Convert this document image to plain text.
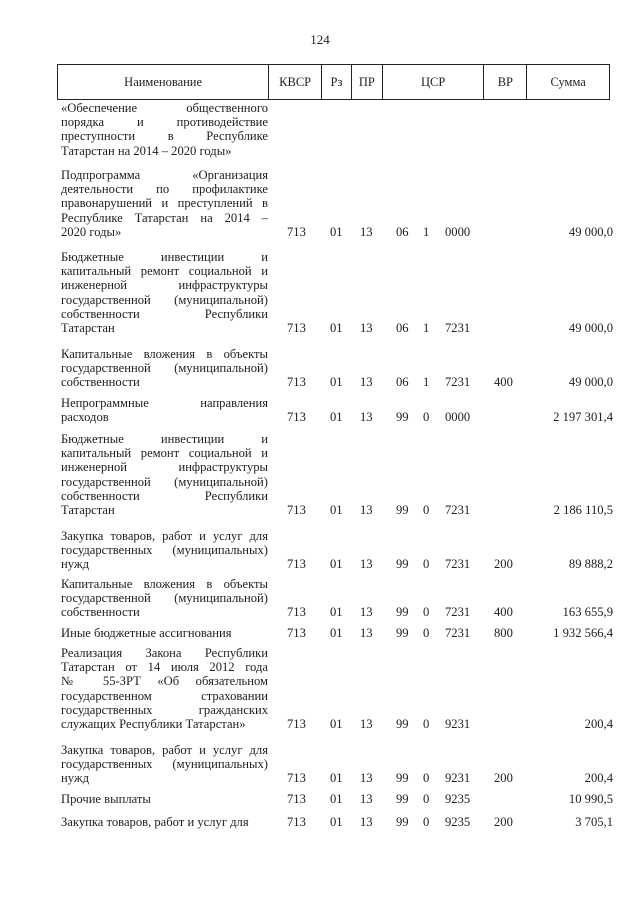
124
Наименование	КВСР	Рз	ПР	ЦСР	ВР	Сумма
«Обеспечение общественного
порядка и противодействие
преступности в Республике
Татарстан на 2014 – 2020 годы»
Подпрограмма «Организация
деятельности по профилактике
правонарушений и преступлений в
Республике Татарстан на 2014 –
2020 годы»	713 01 13 06 1 0000	49 000,0
Бюджетные инвестиции и
капитальный ремонт социальной и
инженерной инфраструктуры
государственной (муниципальной)
собственности Республики
Татарстан	713 01 13 06 1 7231	49 000,0
Капитальные вложения в объекты
государственной (муниципальной)
собственности	713 01 13 06 1 7231 400	49 000,0
Непрограммные направления
расходов	713 01 13 99 0 0000	2 197 301,4
Бюджетные инвестиции и
капитальный ремонт социальной и
инженерной инфраструктуры
государственной (муниципальной)
собственности Республики
Татарстан	713 01 13 99 0 7231	2 186 110,5
Закупка товаров, работ и услуг для
государственных (муниципальных)
нужд	713 01 13 99 0 7231 200	89 888,2
Капитальные вложения в объекты
государственной (муниципальной)
собственности	713 01 13 99 0 7231 400	163 655,9
Иные бюджетные ассигнования	713 01 13 99 0 7231 800	1 932 566,4
Реализация Закона Республики
Татарстан от 14 июля 2012 года
№ 55-ЗРТ «Об обязательном
государственном страховании
государственных гражданских
служащих Республики Татарстан»	713 01 13 99 0 9231	200,4
Закупка товаров, работ и услуг для
государственных (муниципальных)
нужд	713 01 13 99 0 9231 200	200,4
Прочие выплаты	713 01 13 99 0 9235	10 990,5
Закупка товаров, работ и услуг для	713 01 13 99 0 9235 200	3 705,1
